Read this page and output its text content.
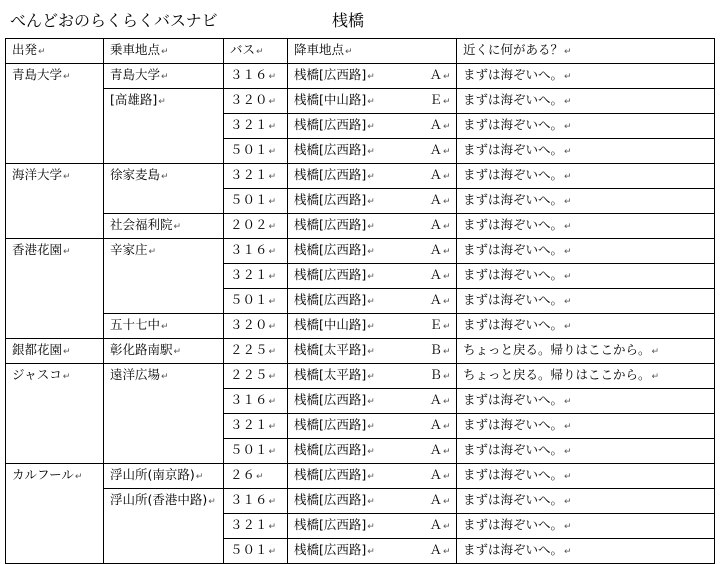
べんどおのらくらくバスナビ	桟橋
出発↵	乗車地点↵	バス↵	降車地点↵		近くに何がある？↵
青島大学↵	青島大学↵	３１６↵	桟橋[広西路]↵	Ａ↵	まずは海ぞいへ。↵
	[高雄路]↵	３２０↵	桟橋[中山路]↵	Ｅ↵	まずは海ぞいへ。↵
		３２１↵	桟橋[広西路]↵	Ａ↵	まずは海ぞいへ。↵
		５０１↵	桟橋[広西路]↵	Ａ↵	まずは海ぞいへ。↵
海洋大学↵	徐家麦島↵	３２１↵	桟橋[広西路]↵	Ａ↵	まずは海ぞいへ。↵
		５０１↵	桟橋[広西路]↵	Ａ↵	まずは海ぞいへ。↵
	社会福利院↵	２０２↵	桟橋[広西路]↵	Ａ↵	まずは海ぞいへ。↵
香港花園↵	辛家庄↵	３１６↵	桟橋[広西路]↵	Ａ↵	まずは海ぞいへ。↵
		３２１↵	桟橋[広西路]↵	Ａ↵	まずは海ぞいへ。↵
		５０１↵	桟橋[広西路]↵	Ａ↵	まずは海ぞいへ。↵
	五十七中↵	３２０↵	桟橋[中山路]↵	Ｅ↵	まずは海ぞいへ。↵
銀都花園↵	彰化路南駅↵	２２５↵	桟橋[太平路]↵	Ｂ↵	ちょっと戻る。帰りはここから。↵
ジャスコ↵	遠洋広場↵	２２５↵	桟橋[太平路]↵	Ｂ↵	ちょっと戻る。帰りはここから。↵
		３１６↵	桟橋[広西路]↵	Ａ↵	まずは海ぞいへ。↵
		３２１↵	桟橋[広西路]↵	Ａ↵	まずは海ぞいへ。↵
		５０１↵	桟橋[広西路]↵	Ａ↵	まずは海ぞいへ。↵
カルフール↵	浮山所(南京路)↵	２６↵	桟橋[広西路]↵	Ａ↵	まずは海ぞいへ。↵
	浮山所(香港中路)↵	３１６↵	桟橋[広西路]↵	Ａ↵	まずは海ぞいへ。↵
		３２１↵	桟橋[広西路]↵	Ａ↵	まずは海ぞいへ。↵
		５０１↵	桟橋[広西路]↵	Ａ↵	まずは海ぞいへ。↵
